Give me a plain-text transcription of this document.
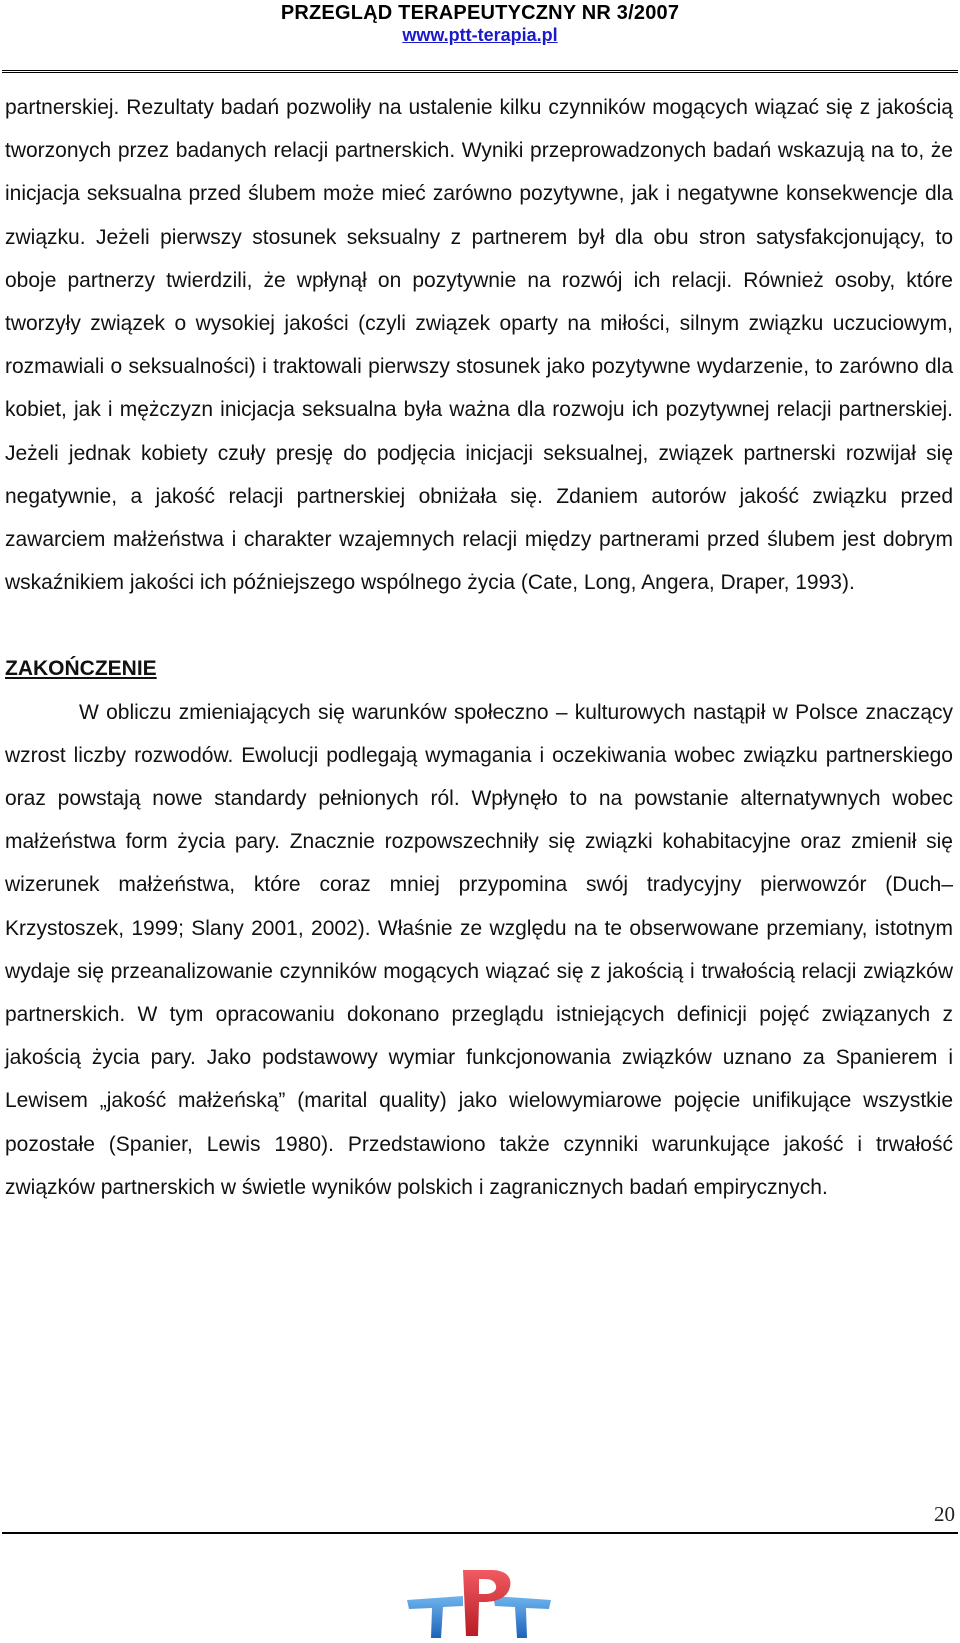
PRZEGLĄD TERAPEUTYCZNY NR 3/2007
www.ptt-terapia.pl

partnerskiej. Rezultaty badań pozwoliły na ustalenie kilku czynników mogących wiązać się z jakością tworzonych przez badanych relacji partnerskich. Wyniki przeprowadzonych badań wskazują na to, że inicjacja seksualna przed ślubem może mieć zarówno pozytywne, jak i negatywne konsekwencje dla związku. Jeżeli pierwszy stosunek seksualny z partnerem był dla obu stron satysfakcjonujący, to oboje partnerzy twierdzili, że wpłynął on pozytywnie na rozwój ich relacji. Również osoby, które tworzyły związek o wysokiej jakości (czyli związek oparty na miłości, silnym związku uczuciowym, rozmawiali o seksualności) i traktowali pierwszy stosunek jako pozytywne wydarzenie, to zarówno dla kobiet, jak i mężczyzn inicjacja seksualna była ważna dla rozwoju ich pozytywnej relacji partnerskiej. Jeżeli jednak kobiety czuły presję do podjęcia inicjacji seksualnej, związek partnerski rozwijał się negatywnie, a jakość relacji partnerskiej obniżała się. Zdaniem autorów jakość związku przed zawarciem małżeństwa i charakter wzajemnych relacji między partnerami przed ślubem jest dobrym wskaźnikiem jakości ich późniejszego wspólnego życia (Cate, Long, Angera, Draper, 1993).

ZAKOŃCZENIE

W obliczu zmieniających się warunków społeczno – kulturowych nastąpił w Polsce znaczący wzrost liczby rozwodów. Ewolucji podlegają wymagania i oczekiwania wobec związku partnerskiego oraz powstają nowe standardy pełnionych ról. Wpłynęło to na powstanie alternatywnych wobec małżeństwa form życia pary. Znacznie rozpowszechniły się związki kohabitacyjne oraz zmienił się wizerunek małżeństwa, które coraz mniej przypomina swój tradycyjny pierwowzór (Duch–Krzystoszek, 1999; Slany 2001, 2002). Właśnie ze względu na te obserwowane przemiany, istotnym wydaje się przeanalizowanie czynników mogących wiązać się z jakością i trwałością relacji związków partnerskich. W tym opracowaniu dokonano przeglądu istniejących definicji pojęć związanych z jakością życia pary. Jako podstawowy wymiar funkcjonowania związków uznano za Spanierem i Lewisem „jakość małżeńską” (marital quality) jako wielowymiarowe pojęcie unifikujące wszystkie pozostałe (Spanier, Lewis 1980). Przedstawiono także czynniki warunkujące jakość i trwałość związków partnerskich w świetle wyników polskich i zagranicznych badań empirycznych.

20
